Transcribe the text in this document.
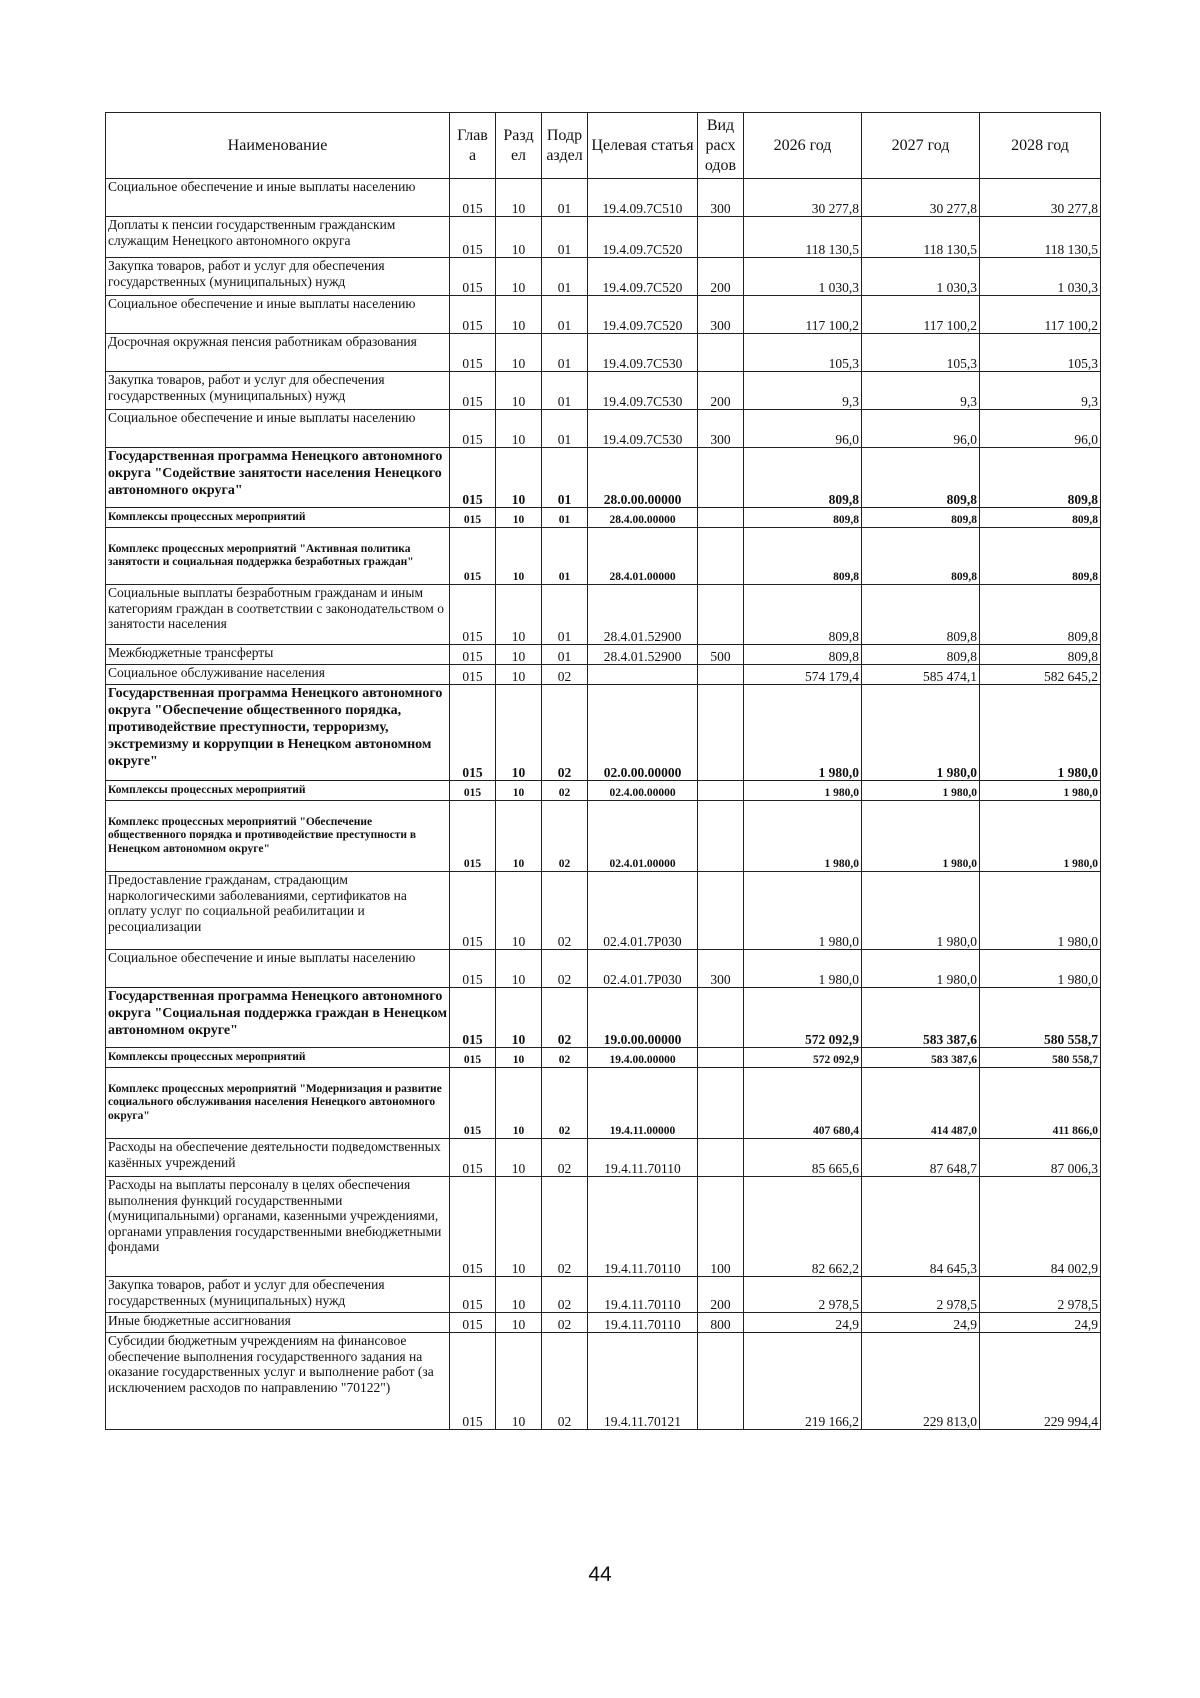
Наименование	Глав а	Разд ел	Подр аздел	Целевая статья	Вид расх одов	2026 год	2027 год	2028 год
Социальное обеспечение и иные выплаты населению	015	10	01	19.4.09.7С510	300	30 277,8	30 277,8	30 277,8
Доплаты к пенсии государственным гражданским служащим Ненецкого автономного округа	015	10	01	19.4.09.7С520		118 130,5	118 130,5	118 130,5
Закупка товаров, работ и услуг для обеспечения государственных (муниципальных) нужд	015	10	01	19.4.09.7С520	200	1 030,3	1 030,3	1 030,3
Социальное обеспечение и иные выплаты населению	015	10	01	19.4.09.7С520	300	117 100,2	117 100,2	117 100,2
Досрочная окружная пенсия работникам образования	015	10	01	19.4.09.7С530		105,3	105,3	105,3
Закупка товаров, работ и услуг для обеспечения государственных (муниципальных) нужд	015	10	01	19.4.09.7С530	200	9,3	9,3	9,3
Социальное обеспечение и иные выплаты населению	015	10	01	19.4.09.7С530	300	96,0	96,0	96,0
Государственная программа Ненецкого автономного округа "Содействие занятости населения Ненецкого автономного округа"	015	10	01	28.0.00.00000		809,8	809,8	809,8
Комплексы процессных мероприятий	015	10	01	28.4.00.00000		809,8	809,8	809,8
Комплекс процессных мероприятий "Активная политика занятости и социальная поддержка безработных граждан"	015	10	01	28.4.01.00000		809,8	809,8	809,8
Социальные выплаты безработным гражданам и иным категориям граждан в соответствии с законодательством о занятости населения	015	10	01	28.4.01.52900		809,8	809,8	809,8
Межбюджетные трансферты	015	10	01	28.4.01.52900	500	809,8	809,8	809,8
Социальное обслуживание населения	015	10	02			574 179,4	585 474,1	582 645,2
Государственная программа Ненецкого автономного округа "Обеспечение общественного порядка, противодействие преступности, терроризму, экстремизму и коррупции в Ненецком автономном округе"	015	10	02	02.0.00.00000		1 980,0	1 980,0	1 980,0
Комплексы процессных мероприятий	015	10	02	02.4.00.00000		1 980,0	1 980,0	1 980,0
Комплекс процессных мероприятий "Обеспечение общественного порядка и противодействие преступности в Ненецком автономном округе"	015	10	02	02.4.01.00000		1 980,0	1 980,0	1 980,0
Предоставление гражданам, страдающим наркологическими заболеваниями, сертификатов на оплату услуг по социальной реабилитации и ресоциализации	015	10	02	02.4.01.7Р030		1 980,0	1 980,0	1 980,0
Социальное обеспечение и иные выплаты населению	015	10	02	02.4.01.7Р030	300	1 980,0	1 980,0	1 980,0
Государственная программа Ненецкого автономного округа "Социальная поддержка граждан в Ненецком автономном округе"	015	10	02	19.0.00.00000		572 092,9	583 387,6	580 558,7
Комплексы процессных мероприятий	015	10	02	19.4.00.00000		572 092,9	583 387,6	580 558,7
Комплекс процессных мероприятий "Модернизация и развитие социального обслуживания населения Ненецкого автономного округа"	015	10	02	19.4.11.00000		407 680,4	414 487,0	411 866,0
Расходы на обеспечение деятельности подведомственных казённых учреждений	015	10	02	19.4.11.70110		85 665,6	87 648,7	87 006,3
Расходы на выплаты персоналу в целях обеспечения выполнения функций государственными (муниципальными) органами, казенными учреждениями, органами управления государственными внебюджетными фондами	015	10	02	19.4.11.70110	100	82 662,2	84 645,3	84 002,9
Закупка товаров, работ и услуг для обеспечения государственных (муниципальных) нужд	015	10	02	19.4.11.70110	200	2 978,5	2 978,5	2 978,5
Иные бюджетные ассигнования	015	10	02	19.4.11.70110	800	24,9	24,9	24,9
Субсидии бюджетным учреждениям на финансовое обеспечение выполнения государственного задания на оказание государственных услуг и выполнение работ (за исключением расходов по направлению "70122")	015	10	02	19.4.11.70121		219 166,2	229 813,0	229 994,4
44
